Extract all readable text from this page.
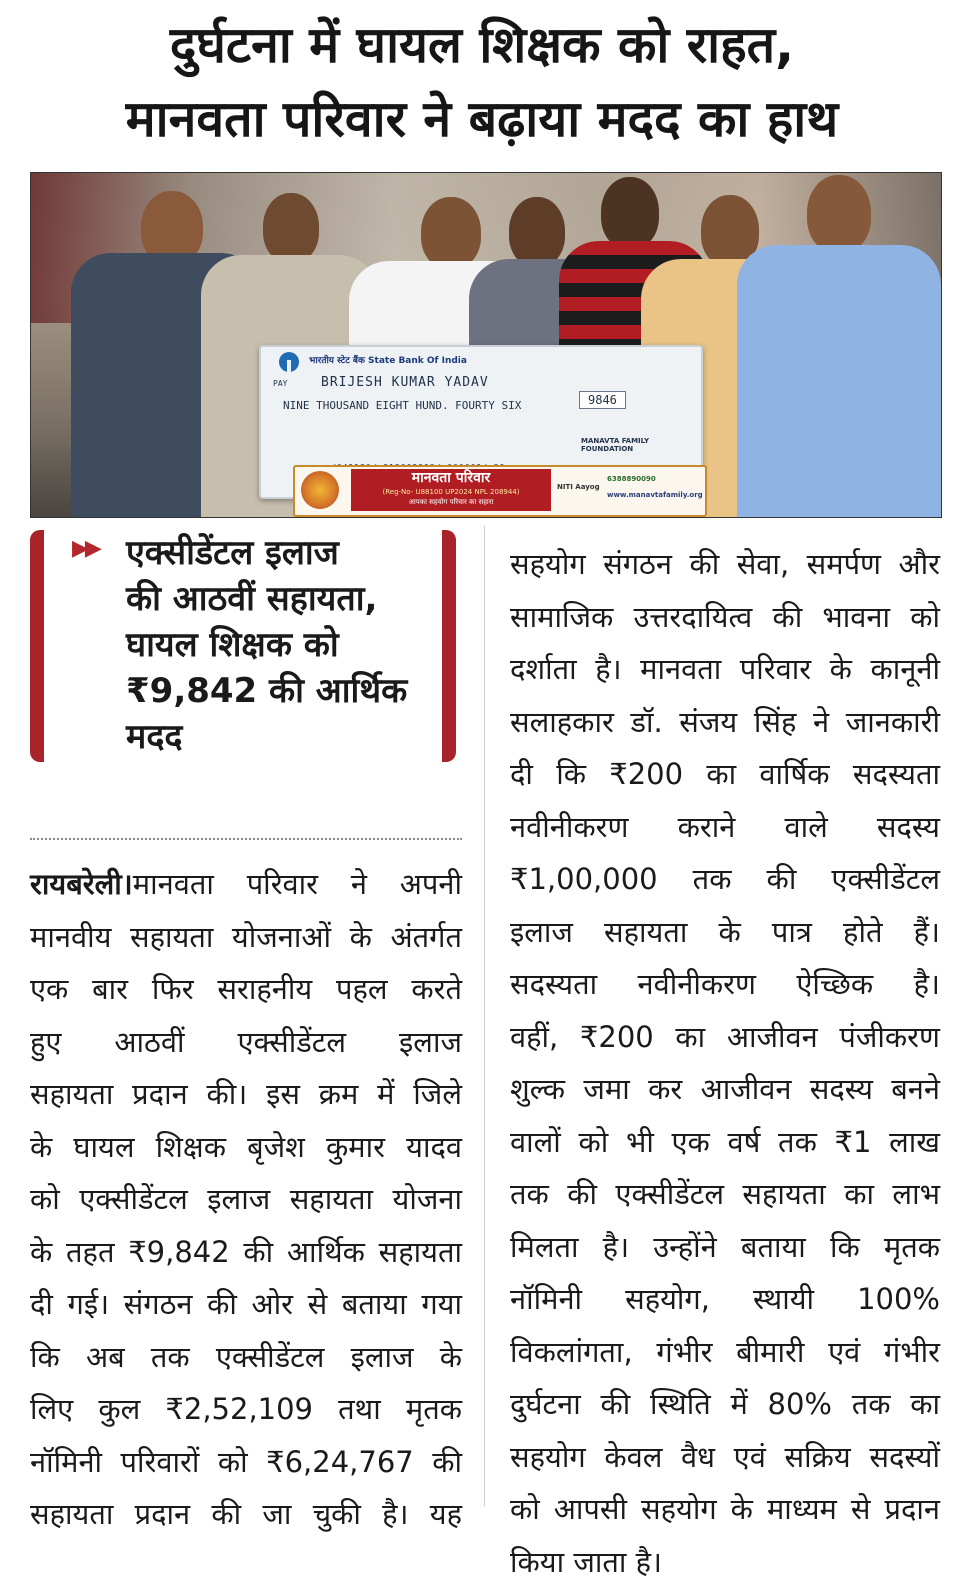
दुर्घटना में घायल शिक्षक को राहत,
मानवता परिवार ने बढ़ाया मदद का हाथ
भारतीय स्टेट बैंक State Bank Of India
PAY	BRIJESH KUMAR YADAV
NINE THOUSAND EIGHT HUND. FOURTY SIX	9846
MANAVTA FAMILY FOUNDATION
मानवता परिवार
(Reg-No- U88100 UP2024 NPL 208944)
आपका सहयोग परिवार का सहारा
NITI Aayog
6388890090
www.manavtafamily.org
▶▶ एक्सीडेंटल इलाज
की आठवीं सहायता,
घायल शिक्षक को
₹9,842 की आर्थिक
मदद
रायबरेली।मानवता परिवार ने अपनी
मानवीय सहायता योजनाओं के अंतर्गत
एक बार फिर सराहनीय पहल करते
हुए आठवीं एक्सीडेंटल इलाज
सहायता प्रदान की। इस क्रम में जिले
के घायल शिक्षक बृजेश कुमार यादव
को एक्सीडेंटल इलाज सहायता योजना
के तहत ₹9,842 की आर्थिक सहायता
दी गई। संगठन की ओर से बताया गया
कि अब तक एक्सीडेंटल इलाज के
लिए कुल ₹2,52,109 तथा मृतक
नॉमिनी परिवारों को ₹6,24,767 की
सहायता प्रदान की जा चुकी है। यह
सहयोग संगठन की सेवा, समर्पण और
सामाजिक उत्तरदायित्व की भावना को
दर्शाता है। मानवता परिवार के कानूनी
सलाहकार डॉ. संजय सिंह ने जानकारी
दी कि ₹200 का वार्षिक सदस्यता
नवीनीकरण कराने वाले सदस्य
₹1,00,000 तक की एक्सीडेंटल
इलाज सहायता के पात्र होते हैं।
सदस्यता नवीनीकरण ऐच्छिक है।
वहीं, ₹200 का आजीवन पंजीकरण
शुल्क जमा कर आजीवन सदस्य बनने
वालों को भी एक वर्ष तक ₹1 लाख
तक की एक्सीडेंटल सहायता का लाभ
मिलता है। उन्होंने बताया कि मृतक
नॉमिनी सहयोग, स्थायी 100%
विकलांगता, गंभीर बीमारी एवं गंभीर
दुर्घटना की स्थिति में 80% तक का
सहयोग केवल वैध एवं सक्रिय सदस्यों
को आपसी सहयोग के माध्यम से प्रदान
किया जाता है।
